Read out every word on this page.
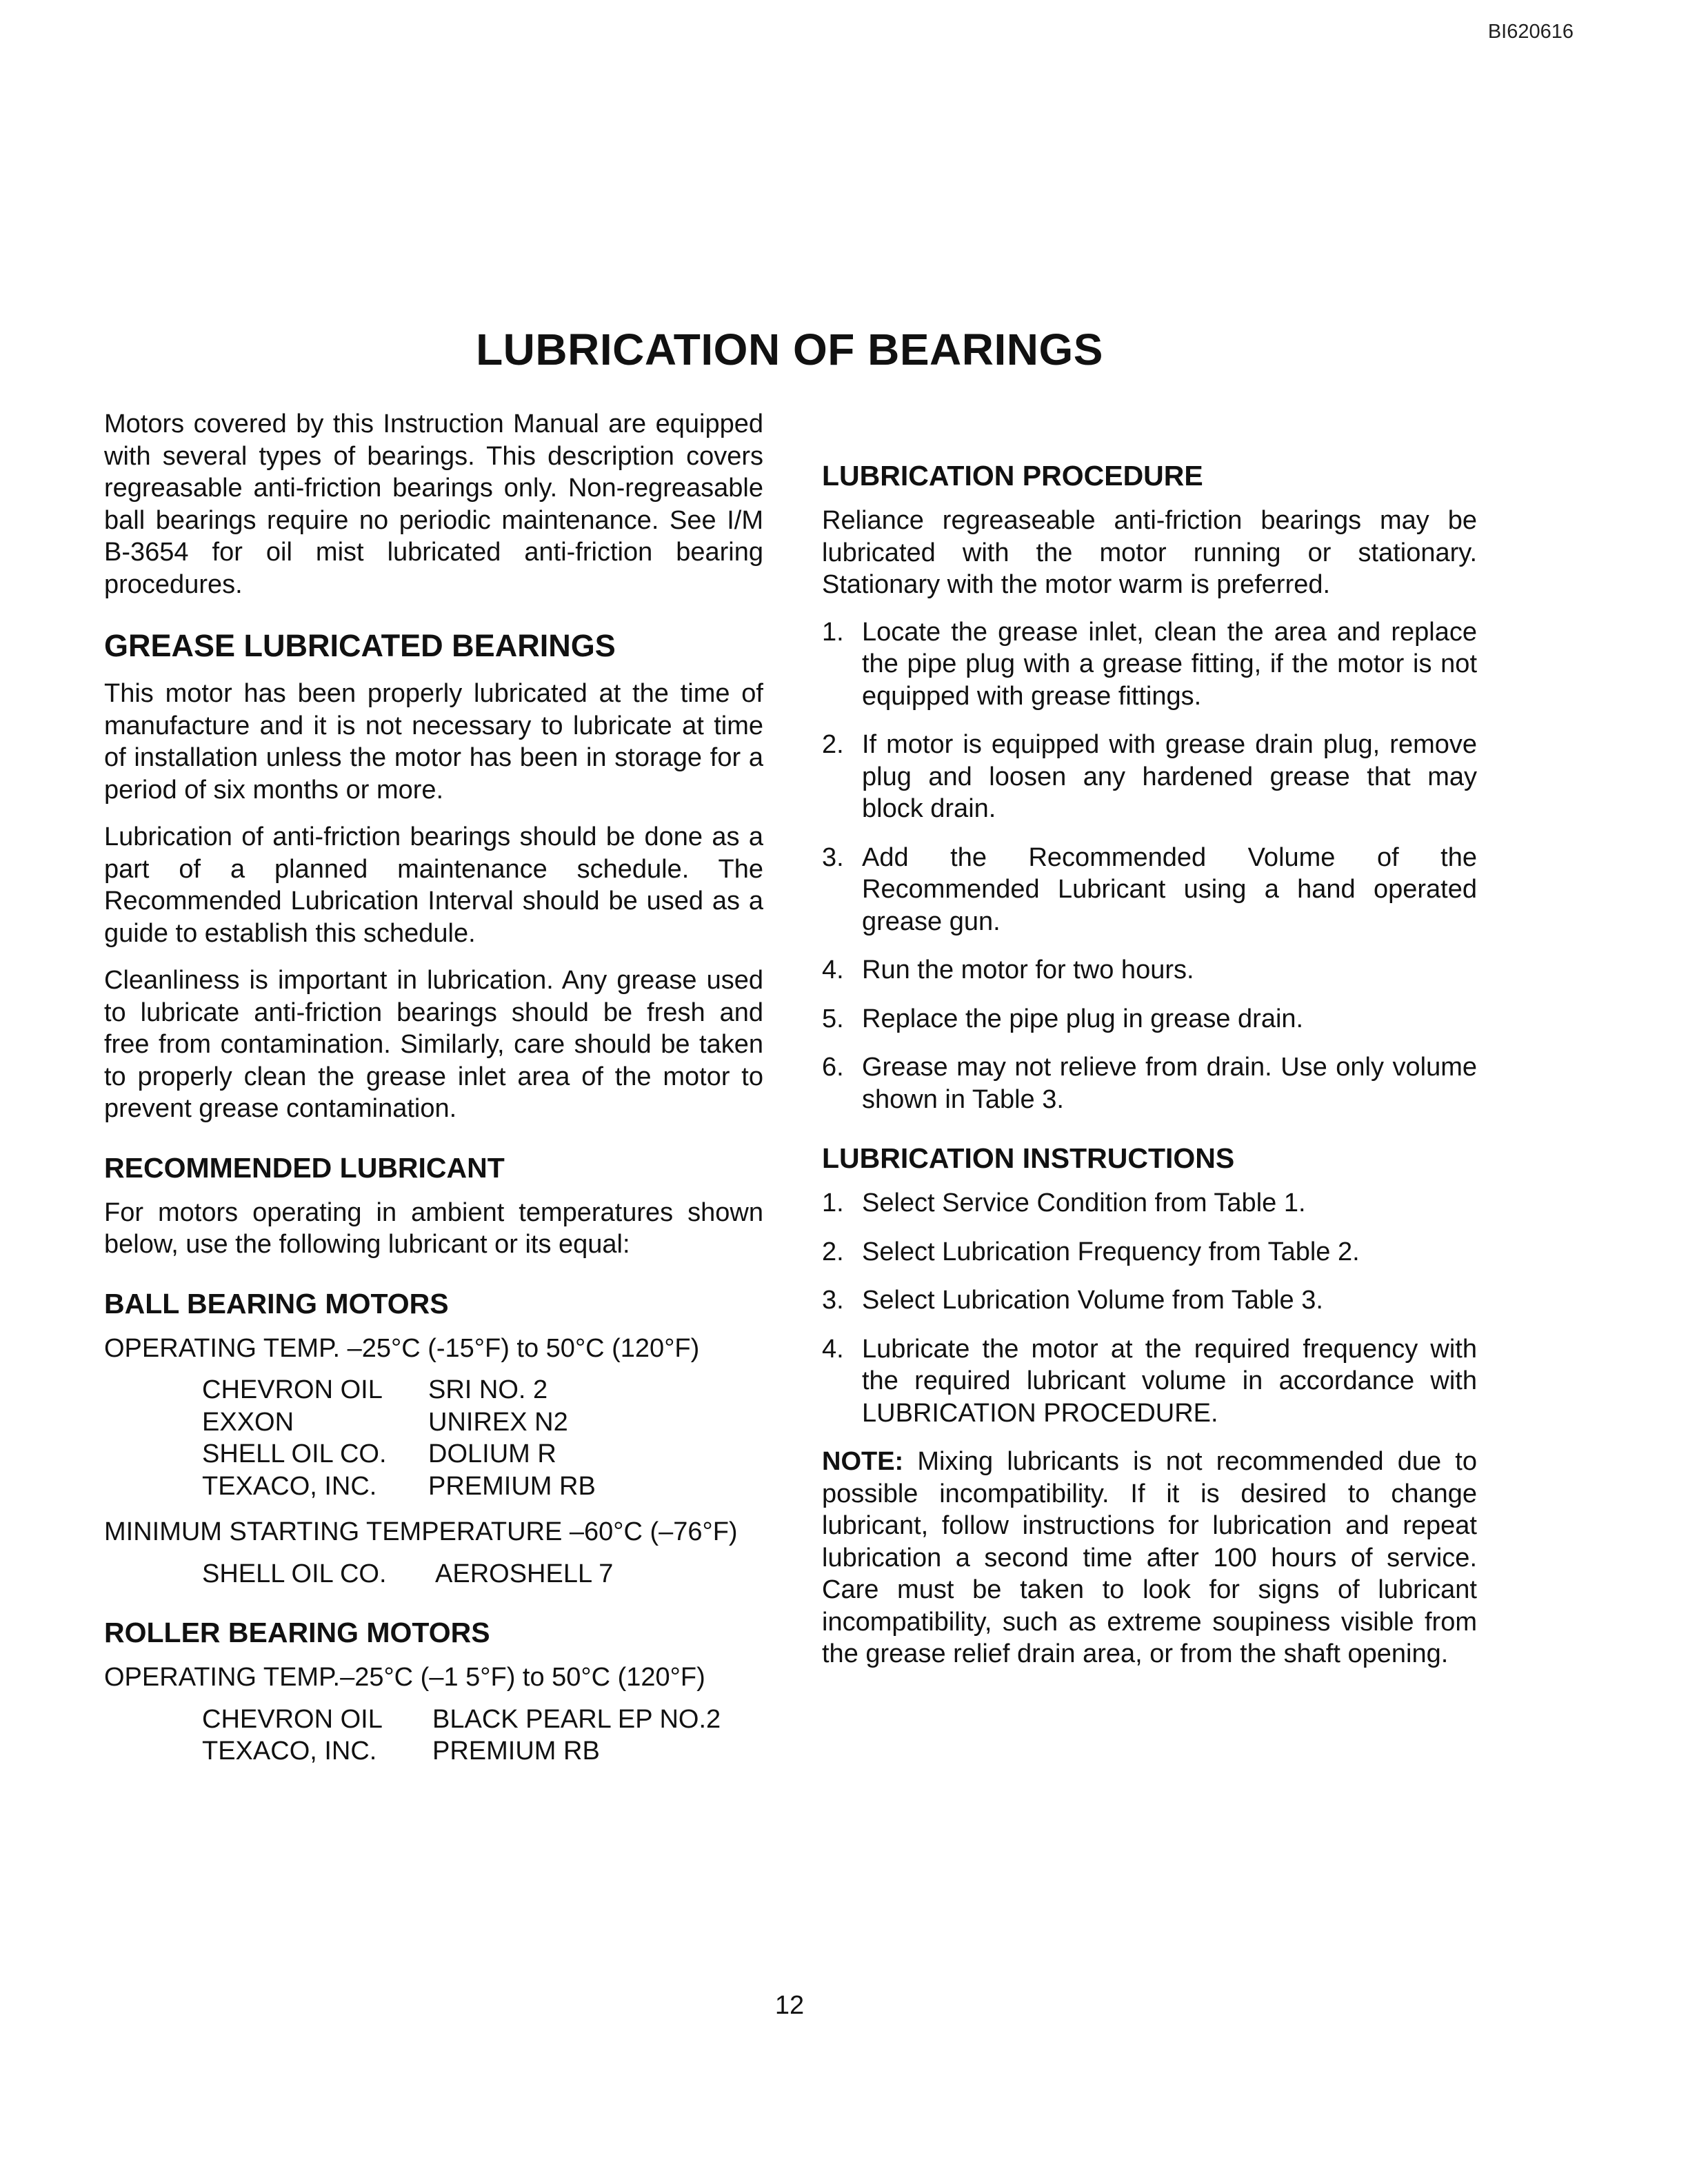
BI620616
LUBRICATION OF BEARINGS

Motors covered by this Instruction Manual are equipped with several types of bearings. This description covers regreasable anti-friction bearings only. Non-regreasable ball bearings require no periodic maintenance. See I/M B-3654 for oil mist lubricated anti-friction bearing procedures.

GREASE LUBRICATED BEARINGS

This motor has been properly lubricated at the time of manufacture and it is not necessary to lubricate at time of installation unless the motor has been in storage for a period of six months or more.

Lubrication of anti-friction bearings should be done as a part of a planned maintenance schedule. The Recommended Lubrication Interval should be used as a guide to establish this schedule.

Cleanliness is important in lubrication. Any grease used to lubricate anti-friction bearings should be fresh and free from contamination. Similarly, care should be taken to properly clean the grease inlet area of the motor to prevent grease contamination.

RECOMMENDED LUBRICANT

For motors operating in ambient temperatures shown below, use the following lubricant or its equal:

BALL BEARING MOTORS
OPERATING TEMP. –25°C (-15°F) to 50°C (120°F)
CHEVRON OIL	SRI NO. 2
EXXON	UNIREX N2
SHELL OIL CO.	DOLIUM R
TEXACO, INC.	PREMIUM RB
MINIMUM STARTING TEMPERATURE –60°C (–76°F)
SHELL OIL CO.	AEROSHELL 7
ROLLER BEARING MOTORS
OPERATING TEMP.–25°C (–1 5°F) to 50°C (120°F)
CHEVRON OIL	BLACK PEARL EP NO.2
TEXACO, INC.	PREMIUM RB
LUBRICATION PROCEDURE

Reliance regreaseable anti-friction bearings may be lubricated with the motor running or stationary. Stationary with the motor warm is preferred.

1. Locate the grease inlet, clean the area and replace the pipe plug with a grease fitting, if the motor is not equipped with grease fittings.
2. If motor is equipped with grease drain plug, remove plug and loosen any hardened grease that may block drain.
3. Add the Recommended Volume of the Recommended Lubricant using a hand operated grease gun.
4. Run the motor for two hours.
5. Replace the pipe plug in grease drain.
6. Grease may not relieve from drain. Use only volume shown in Table 3.
LUBRICATION INSTRUCTIONS
1. Select Service Condition from Table 1.
2. Select Lubrication Frequency from Table 2.
3. Select Lubrication Volume from Table 3.
4. Lubricate the motor at the required frequency with the required lubricant volume in accordance with LUBRICATION PROCEDURE.

NOTE: Mixing lubricants is not recommended due to possible incompatibility. If it is desired to change lubricant, follow instructions for lubrication and repeat lubrication a second time after 100 hours of service. Care must be taken to look for signs of lubricant incompatibility, such as extreme soupiness visible from the grease relief drain area, or from the shaft opening.

12
